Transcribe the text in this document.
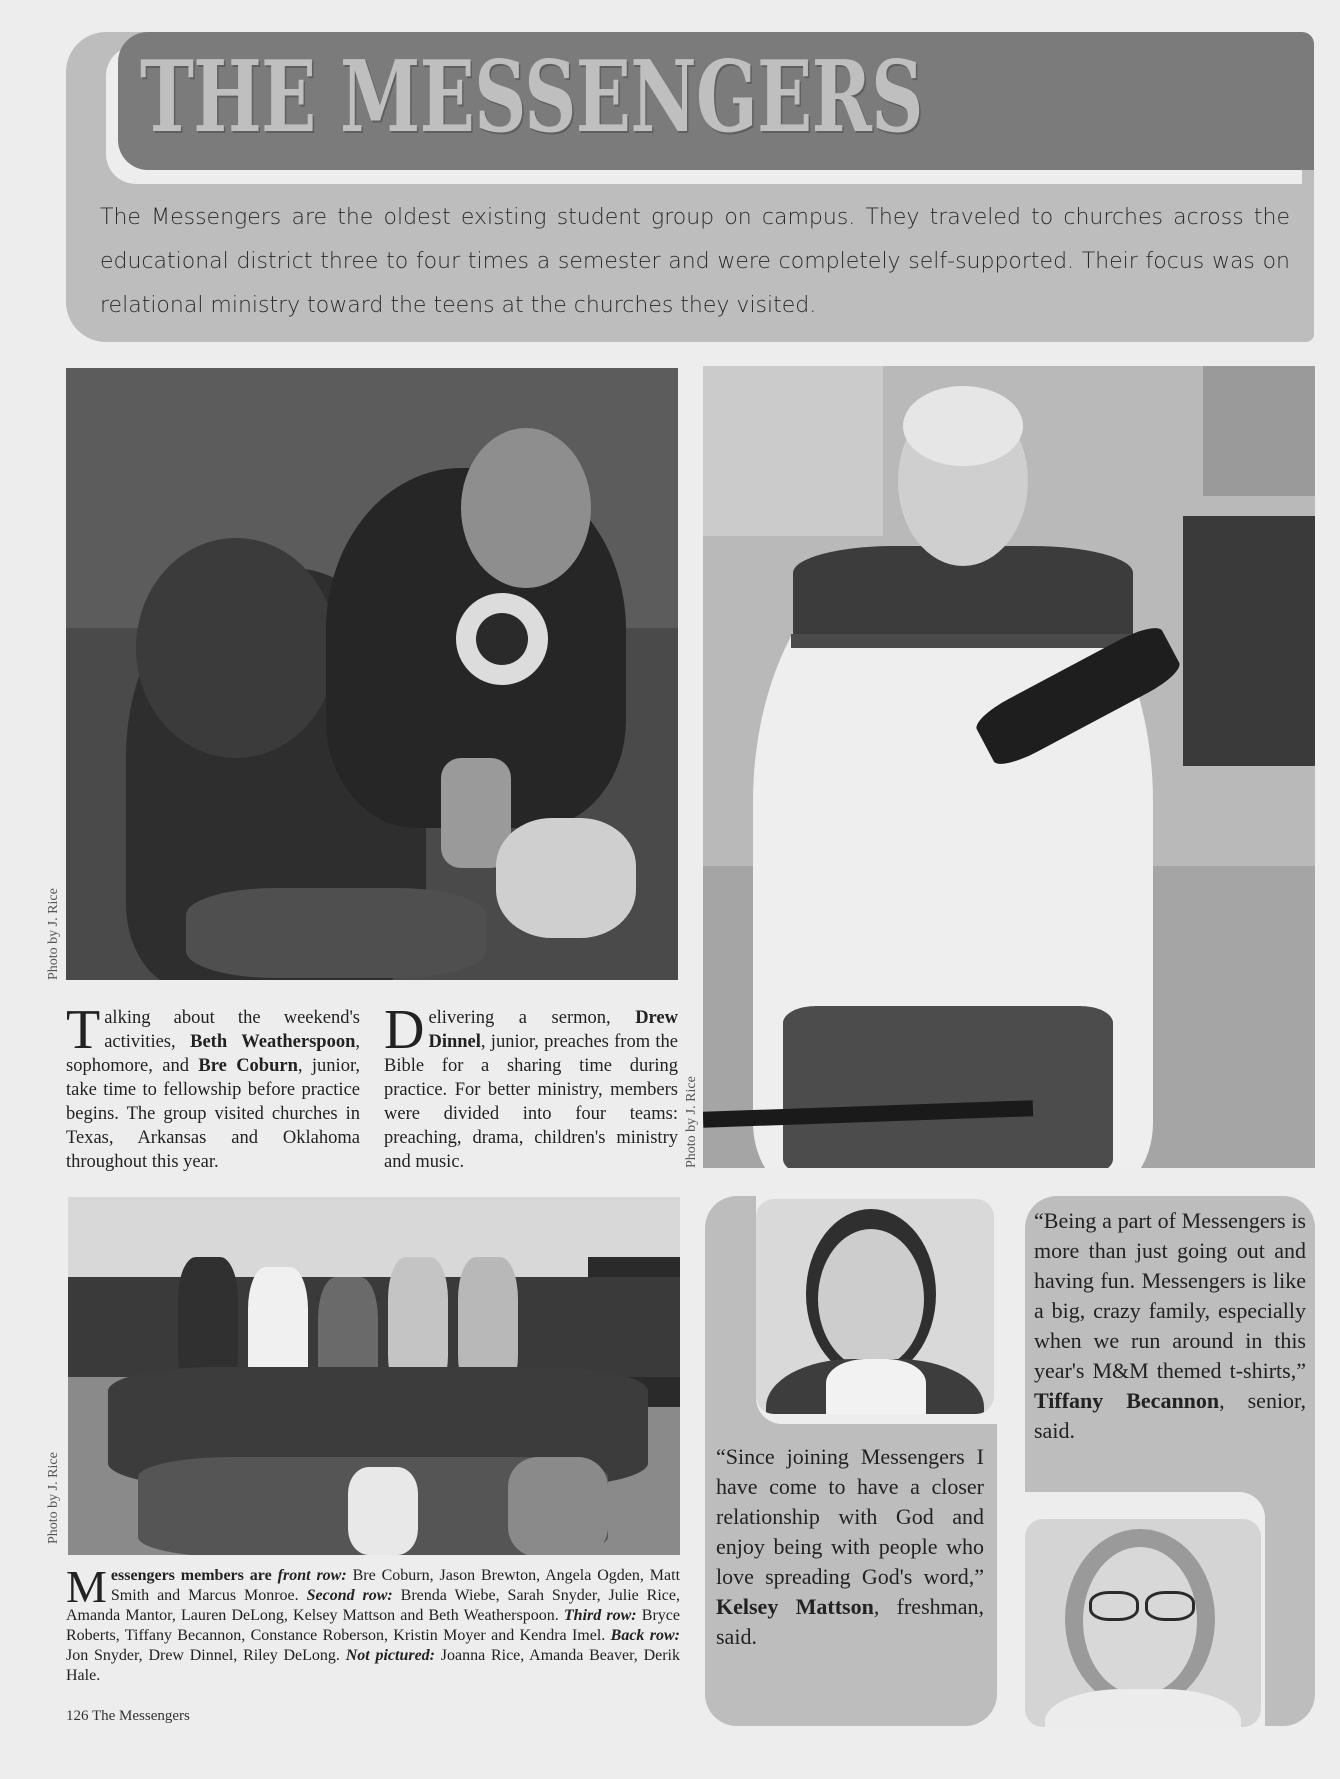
THE MESSENGERS
The Messengers are the oldest existing student group on campus. They traveled to churches across the educational district three to four times a semester and were completely self-supported. Their focus was on relational ministry toward the teens at the churches they visited.
Photo by J. Rice
Photo by J. Rice
Talking about the weekend's activities, Beth Weatherspoon, sophomore, and Bre Coburn, junior, take time to fellowship before practice begins. The group visited churches in Texas, Arkansas and Oklahoma throughout this year.
Delivering a sermon, Drew Dinnel, junior, preaches from the Bible for a sharing time during practice. For better ministry, members were divided into four teams: preaching, drama, children's ministry and music.
Photo by J. Rice
Messengers members are front row: Bre Coburn, Jason Brewton, Angela Ogden, Matt Smith and Marcus Monroe. Second row: Brenda Wiebe, Sarah Snyder, Julie Rice, Amanda Mantor, Lauren DeLong, Kelsey Mattson and Beth Weatherspoon. Third row: Bryce Roberts, Tiffany Becannon, Constance Roberson, Kristin Moyer and Kendra Imel. Back row: Jon Snyder, Drew Dinnel, Riley DeLong. Not pictured: Joanna Rice, Amanda Beaver, Derik Hale.
“Since joining Messengers I have come to have a closer relationship with God and enjoy being with people who love spreading God's word,” Kelsey Mattson, freshman, said.
“Being a part of Messengers is more than just going out and having fun. Messengers is like a big, crazy family, especially when we run around in this year's M&M themed t-shirts,” Tiffany Becannon, senior, said.
126 The Messengers
